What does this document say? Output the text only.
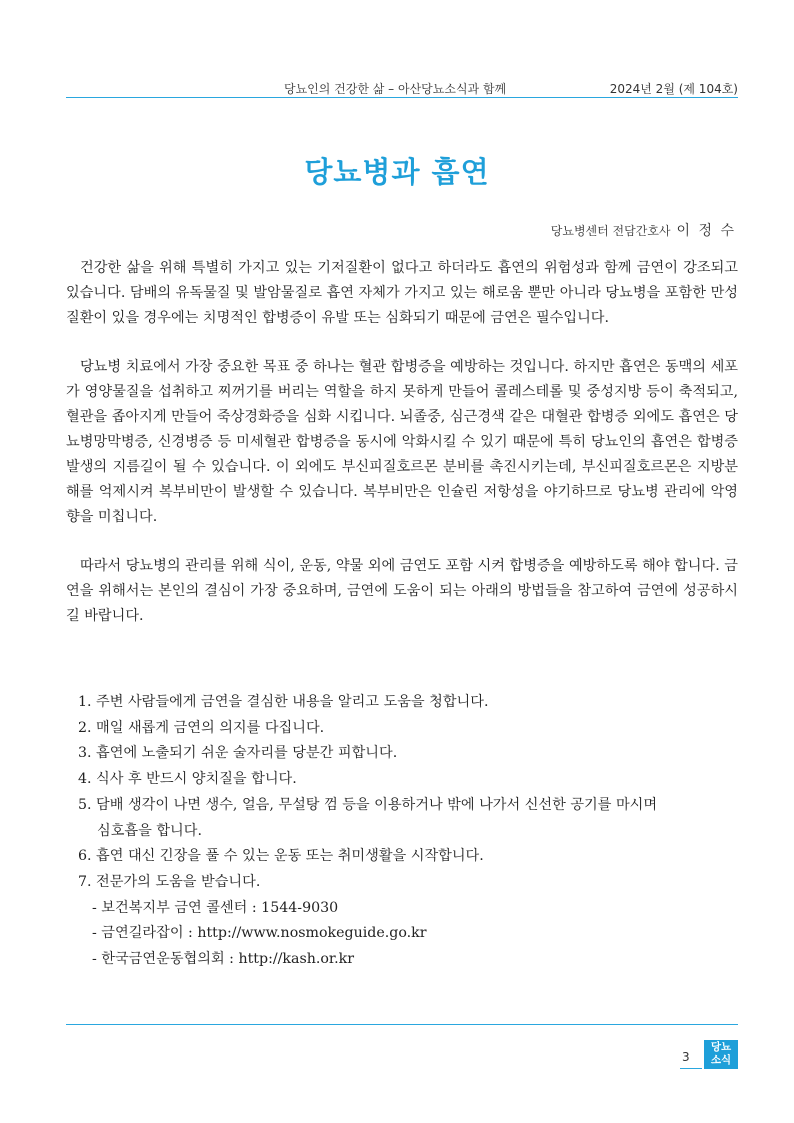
당뇨인의 건강한 삶 – 아산당뇨소식과 함께	2024년 2월 (제 104호)
당뇨병과 흡연
당뇨병센터 전담간호사 이 정 수

건강한 삶을 위해 특별히 가지고 있는 기저질환이 없다고 하더라도 흡연의 위험성과 함께 금연이 강조되고 있습니다. 담배의 유독물질 및 발암물질로 흡연 자체가 가지고 있는 해로움 뿐만 아니라 당뇨병을 포함한 만성질환이 있을 경우에는 치명적인 합병증이 유발 또는 심화되기 때문에 금연은 필수입니다.

당뇨병 치료에서 가장 중요한 목표 중 하나는 혈관 합병증을 예방하는 것입니다. 하지만 흡연은 동맥의 세포가 영양물질을 섭취하고 찌꺼기를 버리는 역할을 하지 못하게 만들어 콜레스테롤 및 중성지방 등이 축적되고, 혈관을 좁아지게 만들어 죽상경화증을 심화 시킵니다. 뇌졸중, 심근경색 같은 대혈관 합병증 외에도 흡연은 당뇨병망막병증, 신경병증 등 미세혈관 합병증을 동시에 악화시킬 수 있기 때문에 특히 당뇨인의 흡연은 합병증 발생의 지름길이 될 수 있습니다. 이 외에도 부신피질호르몬 분비를 촉진시키는데, 부신피질호르몬은 지방분해를 억제시켜 복부비만이 발생할 수 있습니다. 복부비만은 인슐린 저항성을 야기하므로 당뇨병 관리에 악영향을 미칩니다.

따라서 당뇨병의 관리를 위해 식이, 운동, 약물 외에 금연도 포함 시켜 합병증을 예방하도록 해야 합니다. 금연을 위해서는 본인의 결심이 가장 중요하며, 금연에 도움이 되는 아래의 방법들을 참고하여 금연에 성공하시길 바랍니다.

1. 주변 사람들에게 금연을 결심한 내용을 알리고 도움을 청합니다.
2. 매일 새롭게 금연의 의지를 다집니다.
3. 흡연에 노출되기 쉬운 술자리를 당분간 피합니다.
4. 식사 후 반드시 양치질을 합니다.
5. 담배 생각이 나면 생수, 얼음, 무설탕 껌 등을 이용하거나 밖에 나가서 신선한 공기를 마시며
심호흡을 합니다.
6. 흡연 대신 긴장을 풀 수 있는 운동 또는 취미생활을 시작합니다.
7. 전문가의 도움을 받습니다.
- 보건복지부 금연 콜센터 : 1544-9030
- 금연길라잡이 : http://www.nosmokeguide.go.kr
- 한국금연운동협의회 : http://kash.or.kr
3
당뇨
소식
